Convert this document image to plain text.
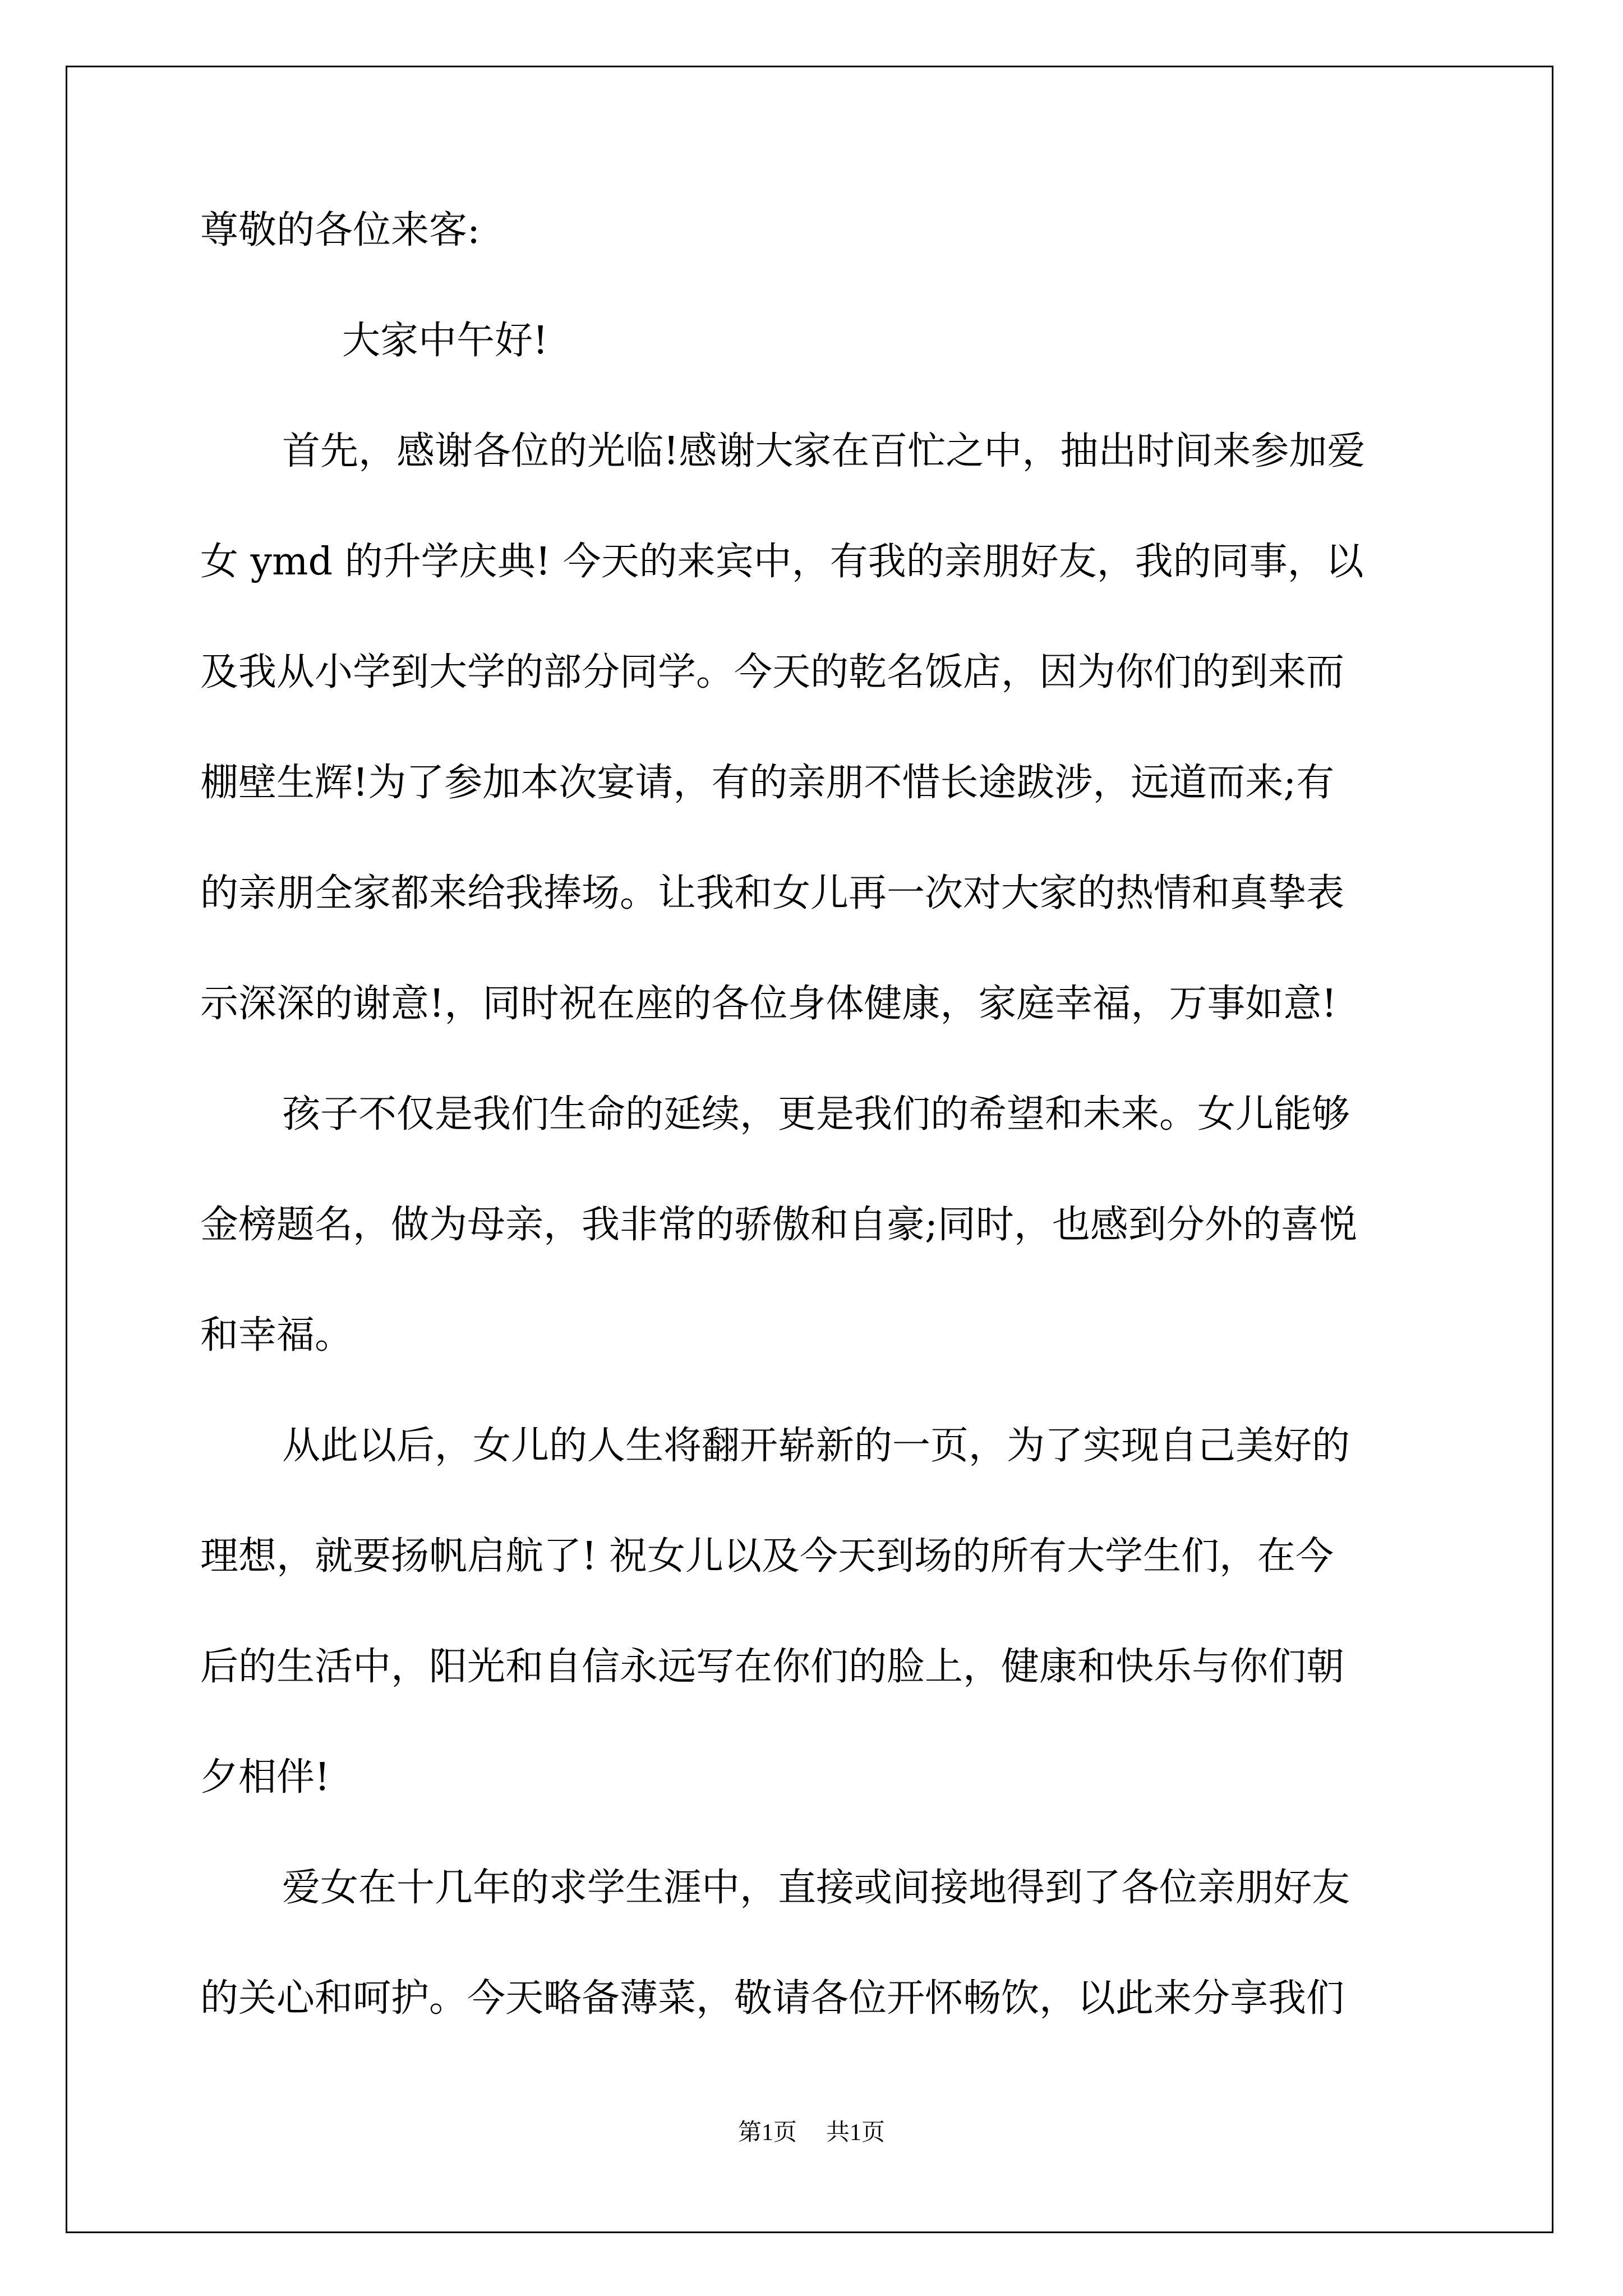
尊敬的各位来客:

大家中午好!

首先，感谢各位的光临!感谢大家在百忙之中，抽出时间来参加爱

女 ymd 的升学庆典! 今天的来宾中，有我的亲朋好友，我的同事，以

及我从小学到大学的部分同学。今天的乾名饭店，因为你们的到来而

棚壁生辉!为了参加本次宴请，有的亲朋不惜长途跋涉，远道而来;有

的亲朋全家都来给我捧场。让我和女儿再一次对大家的热情和真挚表

示深深的谢意!，同时祝在座的各位身体健康，家庭幸福，万事如意!

孩子不仅是我们生命的延续，更是我们的希望和未来。女儿能够

金榜题名，做为母亲，我非常的骄傲和自豪;同时，也感到分外的喜悦

和幸福。

从此以后，女儿的人生将翻开崭新的一页，为了实现自己美好的

理想，就要扬帆启航了! 祝女儿以及今天到场的所有大学生们，在今

后的生活中，阳光和自信永远写在你们的脸上，健康和快乐与你们朝

夕相伴!

第1页 共1页

爱女在十几年的求学生涯中，直接或间接地得到了各位亲朋好友

的关心和呵护。今天略备薄菜，敬请各位开怀畅饮，以此来分享我们
